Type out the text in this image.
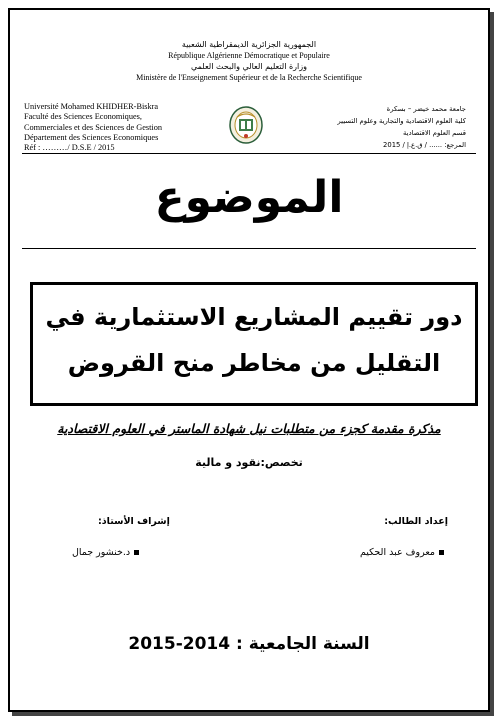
الجمهورية الجزائرية الديمقراطية الشعبية
République Algérienne Démocratique et Populaire
وزارة التعليم العالي والبحث العلمي
Ministère de l'Enseignement Supérieur et de la Recherche Scientifique
Université Mohamed KHIDHER-Biskra
Faculté des Sciences Economiques,
Commerciales et des Sciences de Gestion
Département des Sciences Economiques
Réf : ………/ D.S.E / 2015
جامعة محمد خيضر – بسكرة
كلية العلوم الاقتصادية والتجارية وعلوم التسيير
قسم العلوم الاقتصادية
المرجع: ...... / ق.ع.إ / 2015
الموضوع
دور تقييم المشاريع الاستثمارية في
التقليل من مخاطر منح القروض
مذكرة مقدمة كجزء من متطلبات نيل شهادة الماستر في العلوم الاقتصادية
تخصص:نقود و مالية
إعداد الطالب:
إشراف الأستاذ:
معروف عبد الحكيم
د.خنشور جمال
السنة الجامعية : 2014-2015
